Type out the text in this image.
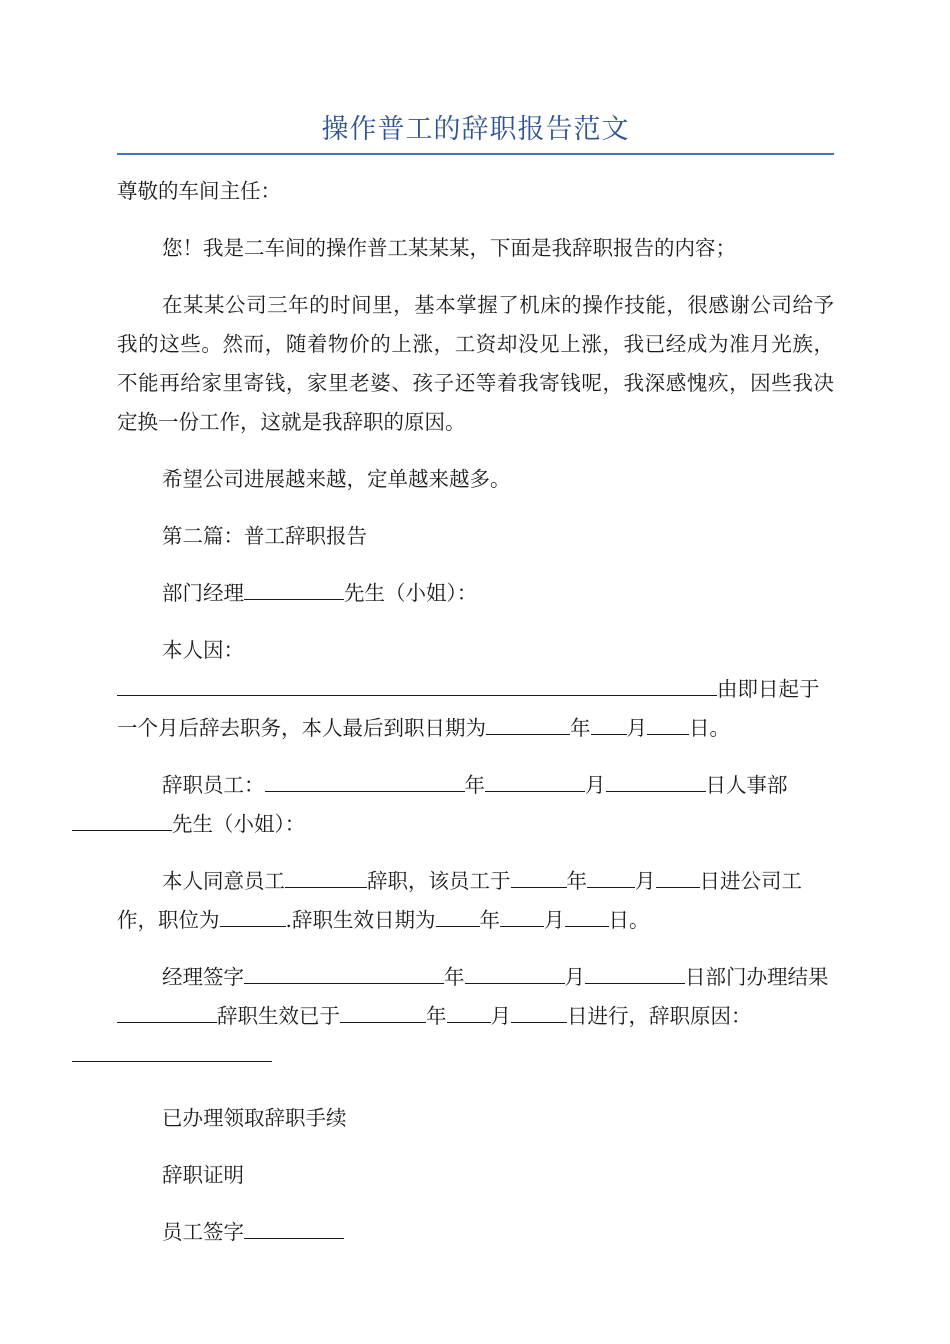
操作普工的辞职报告范文

尊敬的车间主任：

您！我是二车间的操作普工某某某，下面是我辞职报告的内容；

在某某公司三年的时间里，基本掌握了机床的操作技能，很感谢公司给予我的这些。然而，随着物价的上涨，工资却没见上涨，我已经成为准月光族，不能再给家里寄钱，家里老婆、孩子还等着我寄钱呢，我深感愧疚，因些我决定换一份工作，这就是我辞职的原因。

希望公司进展越来越，定单越来越多。

第二篇：普工辞职报告

部门经理	先生（小姐）：

本人因：

由即日起于一个月后辞去职务，本人最后到职日期为	年 月 日。

辞职员工：	年	月	日人事部先生（小姐）：

本人同意员工	辞职，该员工于	年 月 日进公司工作，职位为	.辞职生效日期为 年 月 日。

经理签字	年	月	日部门办理结果辞职生效已于	年 月	日进行，辞职原因：

已办理领取辞职手续

辞职证明

员工签字
